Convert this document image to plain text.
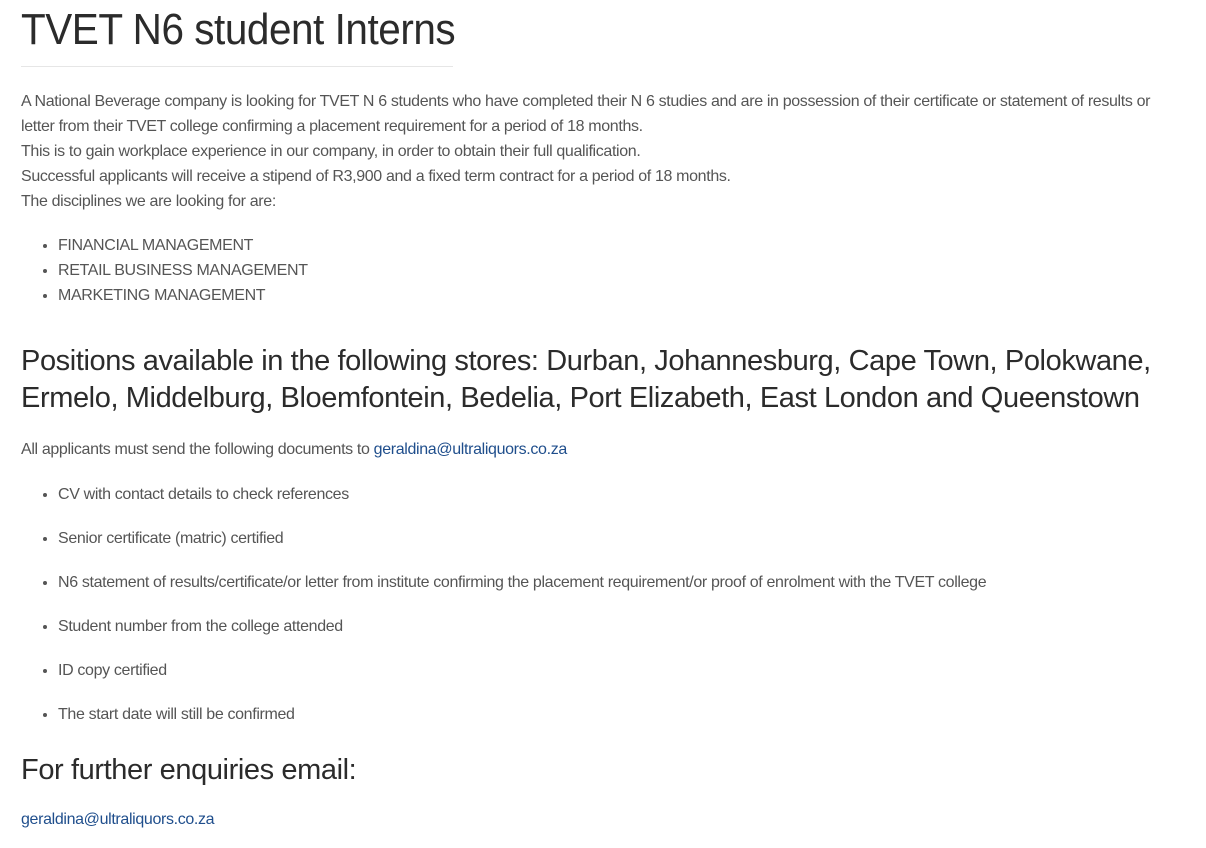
TVET N6 student Interns

A National Beverage company is looking for TVET N 6 students who have completed their N 6 studies and are in possession of their certificate or statement of results or letter from their TVET college confirming a placement requirement for a period of 18 months.

This is to gain workplace experience in our company, in order to obtain their full qualification.

Successful applicants will receive a stipend of R3,900 and a fixed term contract for a period of 18 months.

The disciplines we are looking for are:

• FINANCIAL MANAGEMENT
• RETAIL BUSINESS MANAGEMENT
• MARKETING MANAGEMENT
Positions available in the following stores: Durban, Johannesburg, Cape Town, Polokwane, Ermelo, Middelburg, Bloemfontein, Bedelia, Port Elizabeth, East London and Queenstown
All applicants must send the following documents to geraldina@ultraliquors.co.za
• CV with contact details to check references
• Senior certificate (matric) certified
• N6 statement of results/certificate/or letter from institute confirming the placement requirement/or proof of enrolment with the TVET college
• Student number from the college attended
• ID copy certified
• The start date will still be confirmed
For further enquiries email:
geraldina@ultraliquors.co.za
